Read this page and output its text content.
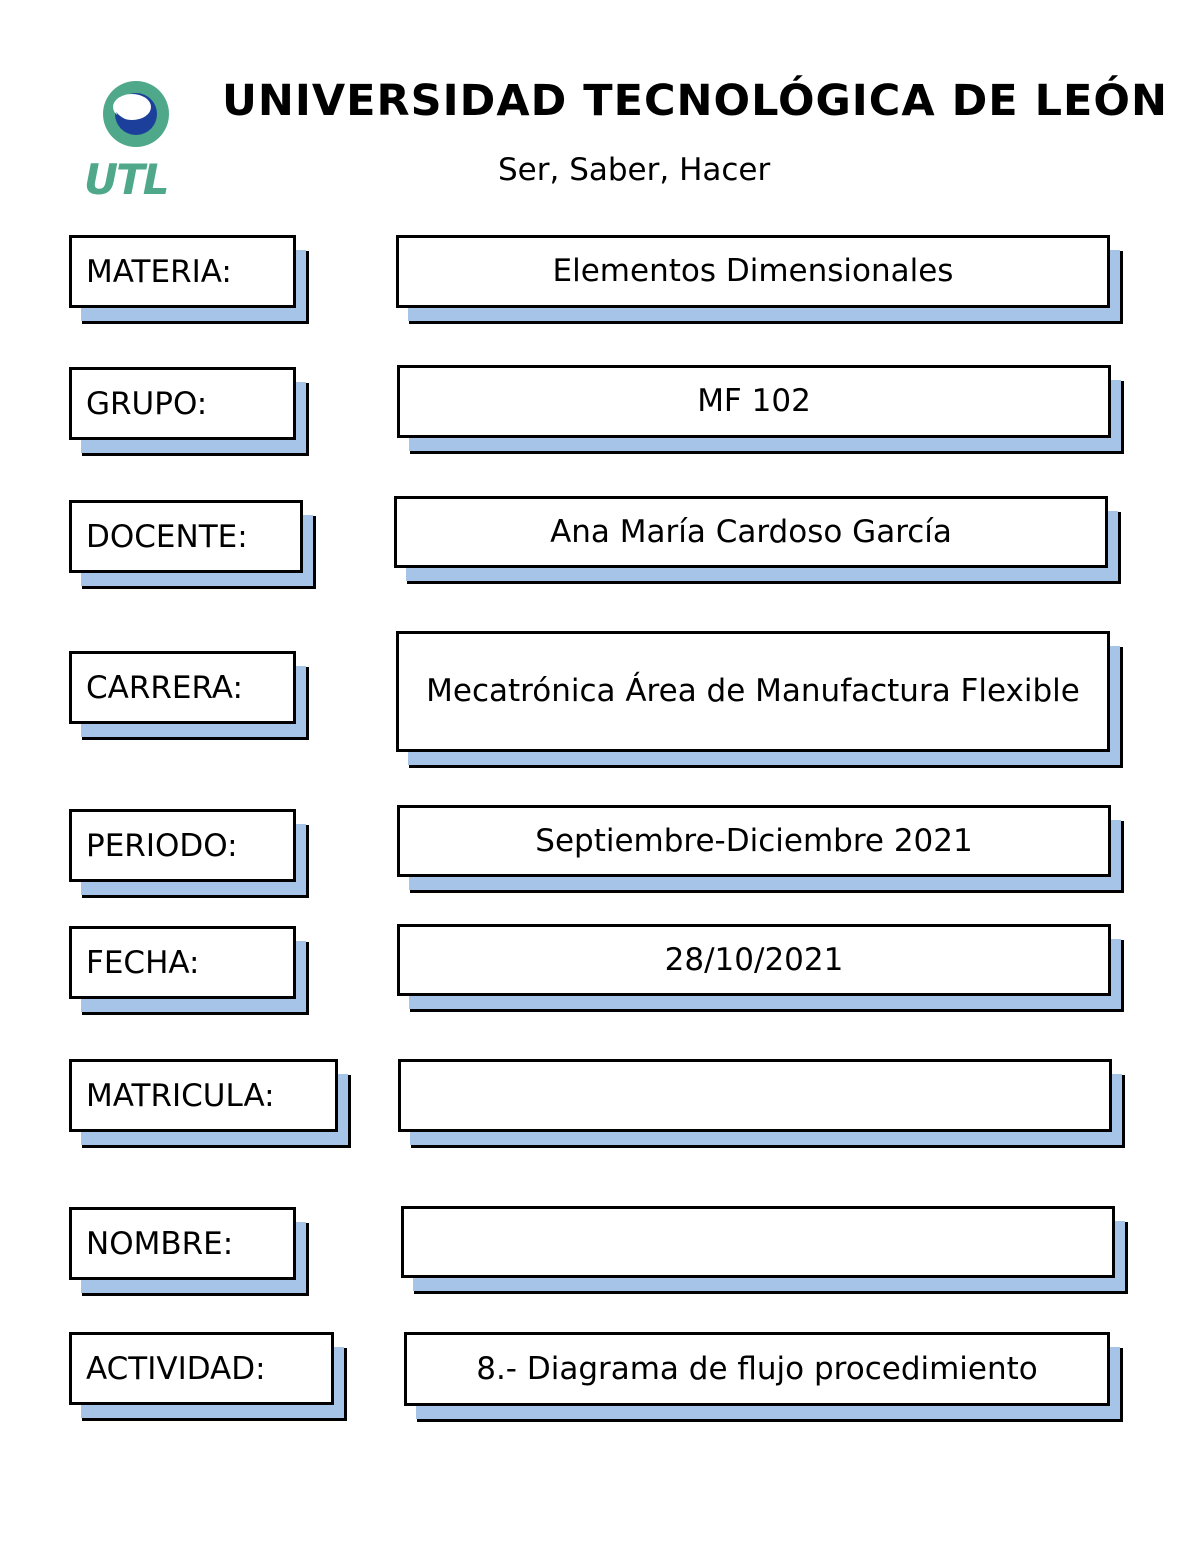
UTL
UNIVERSIDAD TECNOLÓGICA DE LEÓN
Ser, Saber, Hacer
MATERIA:	Elementos Dimensionales
GRUPO:	MF 102
DOCENTE:	Ana María Cardoso García
CARRERA:	Mecatrónica Área de Manufactura Flexible
PERIODO:	Septiembre-Diciembre 2021
FECHA:	28/10/2021
MATRICULA:
NOMBRE:
ACTIVIDAD:	8.- Diagrama de flujo procedimiento
